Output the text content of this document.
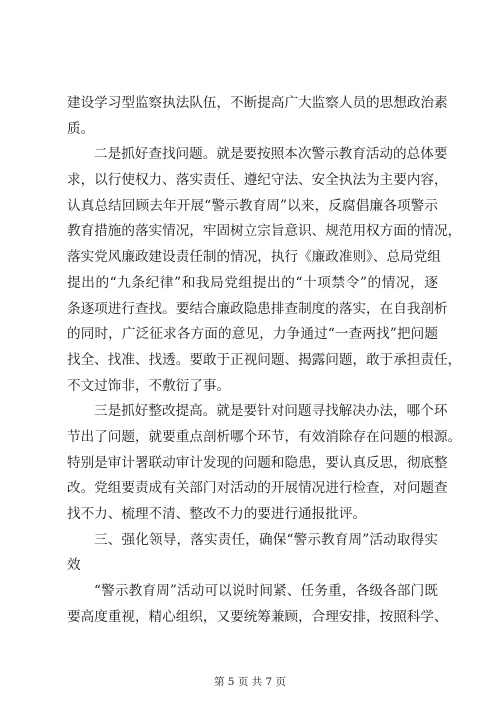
建设学习型监察执法队伍，不断提高广大监察人员的思想政治素
质。
二是抓好查找问题。就是要按照本次警示教育活动的总体要
求，以行使权力、落实责任、遵纪守法、安全执法为主要内容，
认真总结回顾去年开展“警示教育周”以来，反腐倡廉各项警示
教育措施的落实情况，牢固树立宗旨意识、规范用权方面的情况，
落实党风廉政建设责任制的情况，执行《廉政准则》、总局党组
提出的“九条纪律”和我局党组提出的“十项禁令”的情况，逐
条逐项进行查找。要结合廉政隐患排查制度的落实，在自我剖析
的同时，广泛征求各方面的意见，力争通过“一查两找”把问题
找全、找准、找透。要敢于正视问题、揭露问题，敢于承担责任，
不文过饰非，不敷衍了事。
三是抓好整改提高。就是要针对问题寻找解决办法，哪个环
节出了问题，就要重点剖析哪个环节，有效消除存在问题的根源。
特别是审计署联动审计发现的问题和隐患，要认真反思，彻底整
改。党组要责成有关部门对活动的开展情况进行检查，对问题查
找不力、梳理不清、整改不力的要进行通报批评。
三、强化领导，落实责任，确保“警示教育周”活动取得实
效
“警示教育周”活动可以说时间紧、任务重，各级各部门既
要高度重视，精心组织，又要统筹兼顾，合理安排，按照科学、
第 5 页 共 7 页
